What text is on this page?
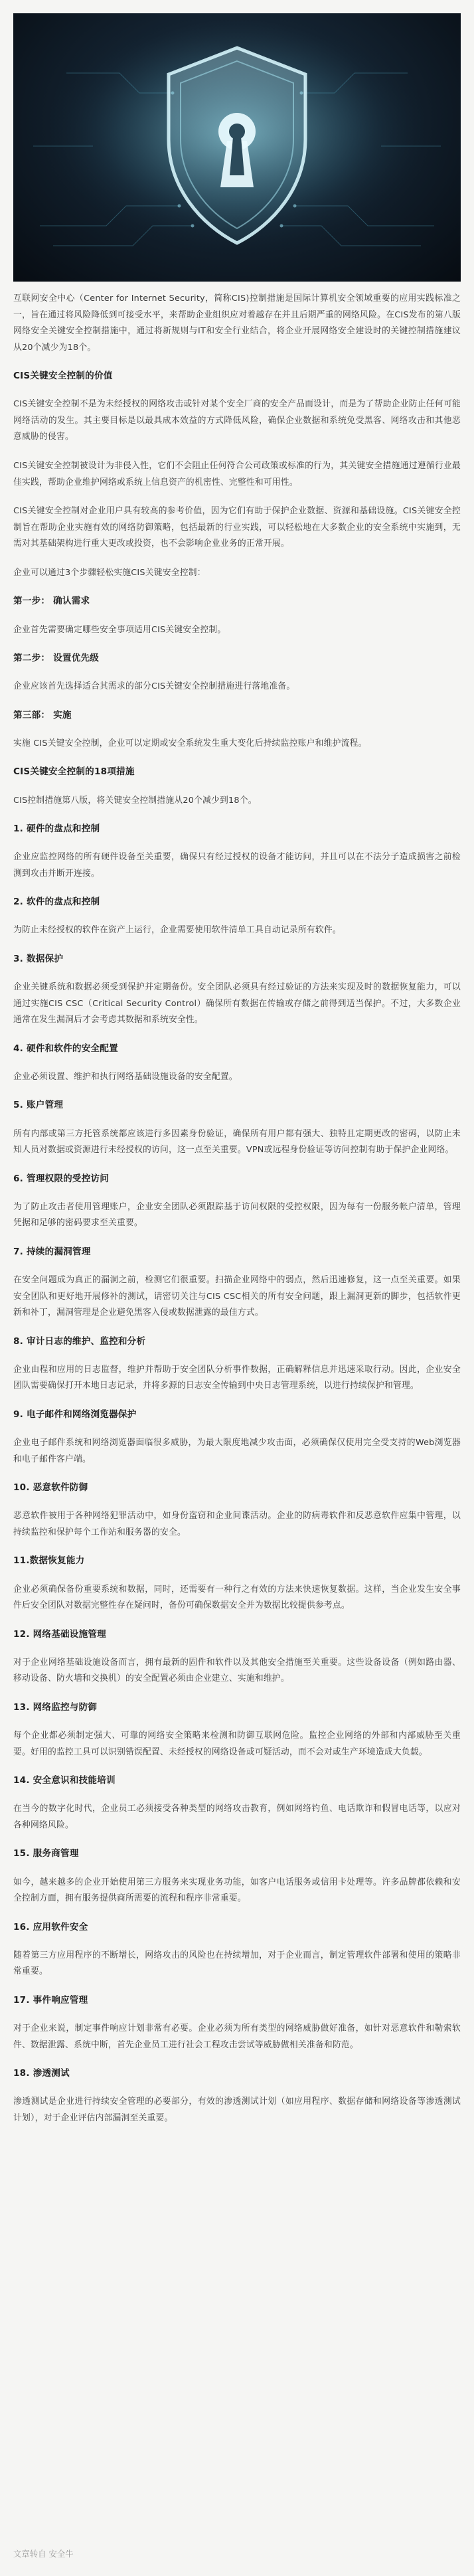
互联网安全中心（Center for Internet Security，简称CIS)控制措施是国际计算机安全领域重要的应用实践标准之一，旨在通过将风险降低到可接受水平，来帮助企业组织应对着越存在并且后期严重的网络风险。在CIS发布的第八版网络安全关键安全控制措施中，通过将新规则与IT和安全行业结合，将企业开展网络安全建设时的关键控制措施建议从20个减少为18个。

CIS关键安全控制的价值

CIS关键安全控制不是为未经授权的网络攻击或针对某个安全厂商的安全产品而设计，而是为了帮助企业防止任何可能网络活动的发生。其主要目标是以最具成本效益的方式降低风险，确保企业数据和系统免受黑客、网络攻击和其他恶意威胁的侵害。

CIS关键安全控制被设计为非侵入性，它们不会阻止任何符合公司政策或标准的行为，其关键安全措施通过遵循行业最佳实践，帮助企业维护网络或系统上信息资产的机密性、完整性和可用性。

CIS关键安全控制对企业用户具有较高的参考价值，因为它们有助于保护企业数据、资源和基础设施。CIS关键安全控制旨在帮助企业实施有效的网络防御策略，包括最新的行业实践，可以轻松地在大多数企业的安全系统中实施到，无需对其基础架构进行重大更改或投资，也不会影响企业业务的正常开展。

企业可以通过3个步骤轻松实施CIS关键安全控制：

第一步： 确认需求

企业首先需要确定哪些安全事项适用CIS关键安全控制。

第二步： 设置优先级

企业应该首先选择适合其需求的部分CIS关键安全控制措施进行落地准备。

第三部： 实施

实施 CIS关键安全控制，企业可以定期或安全系统发生重大变化后持续监控账户和维护流程。

CIS关键安全控制的18项措施

CIS控制措施第八版，将关键安全控制措施从20个减少到18个。

1. 硬件的盘点和控制

企业应监控网络的所有硬件设备至关重要，确保只有经过授权的设备才能访问，并且可以在不法分子造成损害之前检测到攻击并断开连接。

2. 软件的盘点和控制

为防止未经授权的软件在资产上运行，企业需要使用软件清单工具自动记录所有软件。

3. 数据保护

企业关键系统和数据必须受到保护并定期备份。安全团队必须具有经过验证的方法来实现及时的数据恢复能力，可以通过实施CIS CSC（Critical Security Control）确保所有数据在传输或存储之前得到适当保护。不过，大多数企业通常在发生漏洞后才会考虑其数据和系统安全性。

4. 硬件和软件的安全配置

企业必须设置、维护和执行网络基础设施设备的安全配置。

5. 账户管理

所有内部或第三方托管系统都应该进行多因素身份验证，确保所有用户都有强大、独特且定期更改的密码，以防止未知人员对数据或资源进行未经授权的访问，这一点至关重要。VPN或远程身份验证等访问控制有助于保护企业网络。

6. 管理权限的受控访问

为了防止攻击者使用管理账户，企业安全团队必须跟踪基于访问权限的受控权限，因为每有一份服务帐户清单，管理凭据和足够的密码要求至关重要。

7. 持续的漏洞管理

在安全问题成为真正的漏洞之前，检测它们很重要。扫描企业网络中的弱点，然后迅速修复，这一点至关重要。如果安全团队和更好地开展修补的测试，请密切关注与CIS CSC相关的所有安全问题，跟上漏洞更新的脚步，包括软件更新和补丁，漏洞管理是企业避免黑客入侵或数据泄露的最佳方式。

8. 审计日志的维护、监控和分析

企业由程和应用的日志监督，维护并帮助于安全团队分析事件数据，正确解释信息并迅速采取行动。因此，企业安全团队需要确保打开本地日志记录，并将多源的日志安全传输到中央日志管理系统，以进行持续保护和管理。

9. 电子邮件和网络浏览器保护

企业电子邮件系统和网络浏览器面临很多威胁，为最大限度地减少攻击面，必须确保仅使用完全受支持的Web浏览器和电子邮件客户端。

10. 恶意软件防御

恶意软件被用于各种网络犯罪活动中，如身份盗窃和企业间谍活动。企业的防病毒软件和反恶意软件应集中管理，以持续监控和保护每个工作站和服务器的安全。

11.数据恢复能力

企业必须确保备份重要系统和数据，同时，还需要有一种行之有效的方法来快速恢复数据。这样，当企业发生安全事件后安全团队对数据完整性存在疑问时，备份可确保数据安全并为数据比较提供参考点。

12. 网络基础设施管理

对于企业网络基础设施设备而言，拥有最新的固件和软件以及其他安全措施至关重要。这些设备设备（例如路由器、移动设备、防火墙和交换机）的安全配置必须由企业建立、实施和维护。

13. 网络监控与防御

每个企业都必须制定强大、可靠的网络安全策略来检测和防御互联网危险。监控企业网络的外部和内部威胁至关重要。好用的监控工具可以识别错误配置、未经授权的网络设备或可疑活动，而不会对或生产环境造成大负载。

14. 安全意识和技能培训

在当今的数字化时代，企业员工必须接受各种类型的网络攻击教育，例如网络钓鱼、电话欺诈和假冒电话等，以应对各种网络风险。

15. 服务商管理

如今，越来越多的企业开始使用第三方服务来实现业务功能，如客户电话服务或信用卡处理等。许多品牌都依赖和安全控制方面，拥有服务提供商所需要的流程和程序非常重要。

16. 应用软件安全

随着第三方应用程序的不断增长，网络攻击的风险也在持续增加，对于企业而言，制定管理软件部署和使用的策略非常重要。

17. 事件响应管理

对于企业来说，制定事件响应计划非常有必要。企业必须为所有类型的网络威胁做好准备，如针对恶意软件和勒索软件、数据泄露、系统中断，首先企业员工进行社会工程攻击尝试等威胁做相关准备和防范。

18. 渗透测试

渗透测试是企业进行持续安全管理的必要部分，有效的渗透测试计划（如应用程序、数据存储和网络设备等渗透测试计划），对于企业评估内部漏洞至关重要。

文章转自 安全牛
